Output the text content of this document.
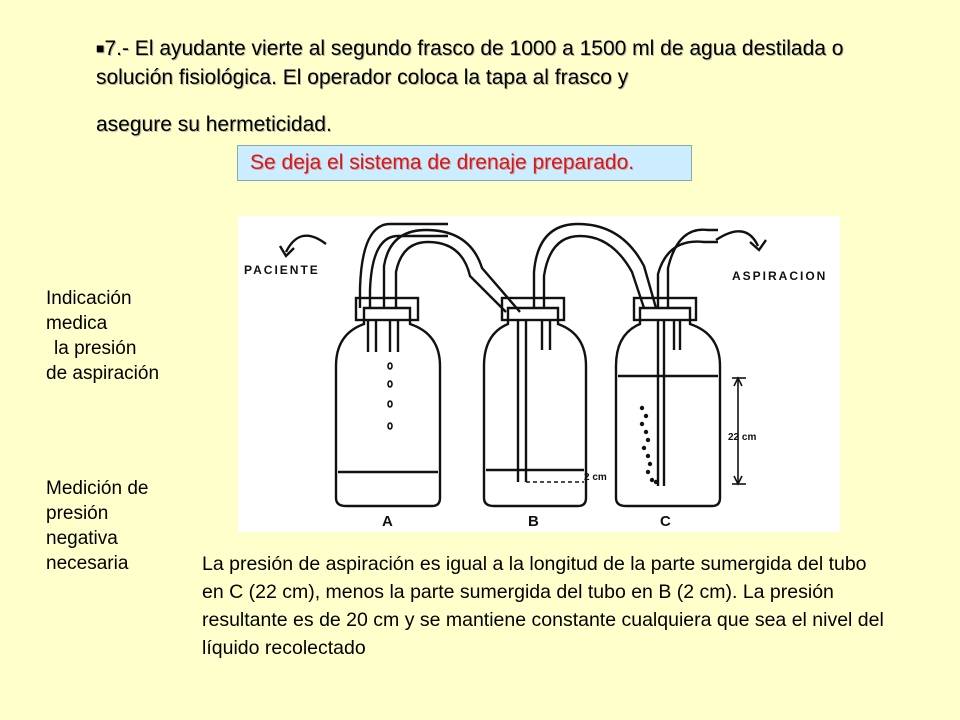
■7.- El ayudante vierte al segundo frasco de 1000 a 1500 ml de agua destilada o solución fisiológica. El operador coloca la tapa al frasco y
asegure su hermeticidad.
Se deja el sistema de drenaje preparado.
Indicación
medica
la presión
de aspiración
Medición de
presión
negativa
necesaria
PACIENTE	ASPIRACION
A	B	C
2 cm
22 cm
La presión de aspiración es igual a la longitud de la parte sumergida del tubo en C (22 cm), menos la parte sumergida del tubo en B (2 cm). La presión resultante es de 20 cm y se mantiene constante cualquiera que sea el nivel del líquido recolectado
